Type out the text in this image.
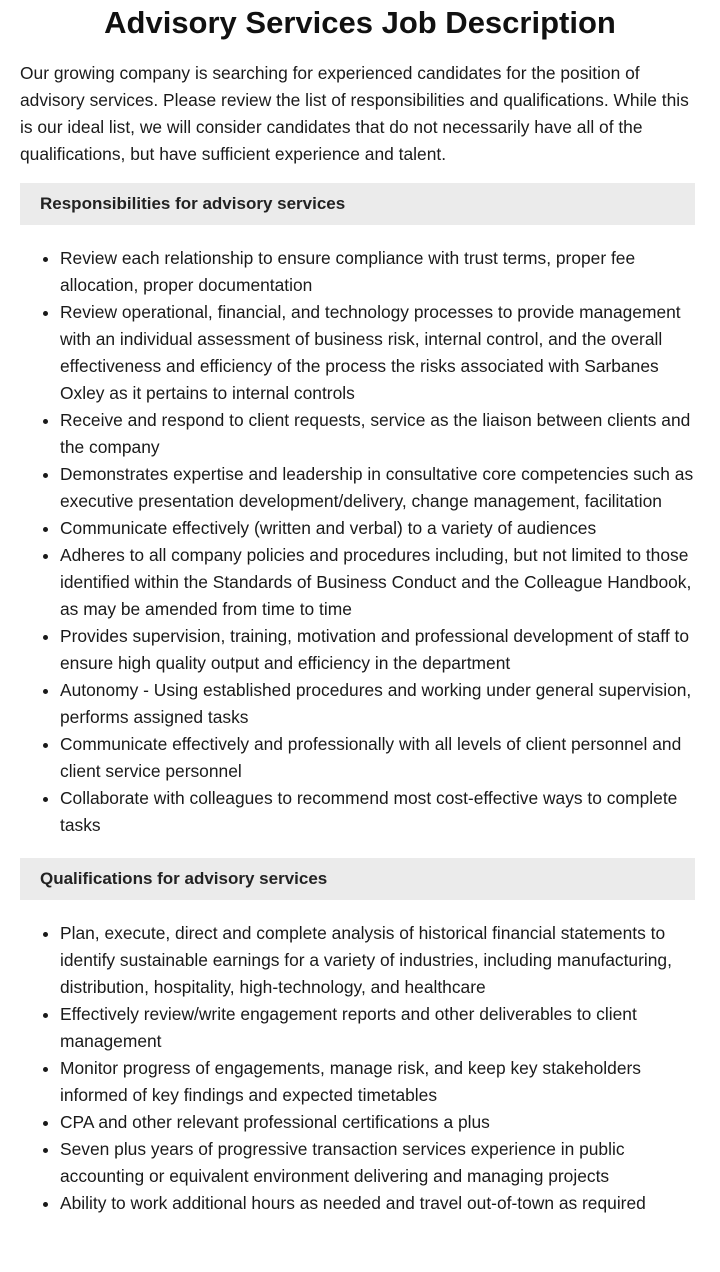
Advisory Services Job Description

Our growing company is searching for experienced candidates for the position of advisory services. Please review the list of responsibilities and qualifications. While this is our ideal list, we will consider candidates that do not necessarily have all of the qualifications, but have sufficient experience and talent.

Responsibilities for advisory services
• Review each relationship to ensure compliance with trust terms, proper fee allocation, proper documentation
• Review operational, financial, and technology processes to provide management with an individual assessment of business risk, internal control, and the overall effectiveness and efficiency of the process the risks associated with Sarbanes Oxley as it pertains to internal controls
• Receive and respond to client requests, service as the liaison between clients and the company
• Demonstrates expertise and leadership in consultative core competencies such as executive presentation development/delivery, change management, facilitation
• Communicate effectively (written and verbal) to a variety of audiences
• Adheres to all company policies and procedures including, but not limited to those identified within the Standards of Business Conduct and the Colleague Handbook, as may be amended from time to time
• Provides supervision, training, motivation and professional development of staff to ensure high quality output and efficiency in the department
• Autonomy - Using established procedures and working under general supervision, performs assigned tasks
• Communicate effectively and professionally with all levels of client personnel and client service personnel
• Collaborate with colleagues to recommend most cost-effective ways to complete tasks
Qualifications for advisory services
• Plan, execute, direct and complete analysis of historical financial statements to identify sustainable earnings for a variety of industries, including manufacturing, distribution, hospitality, high-technology, and healthcare
• Effectively review/write engagement reports and other deliverables to client management
• Monitor progress of engagements, manage risk, and keep key stakeholders informed of key findings and expected timetables
• CPA and other relevant professional certifications a plus
• Seven plus years of progressive transaction services experience in public accounting or equivalent environment delivering and managing projects
• Ability to work additional hours as needed and travel out-of-town as required
